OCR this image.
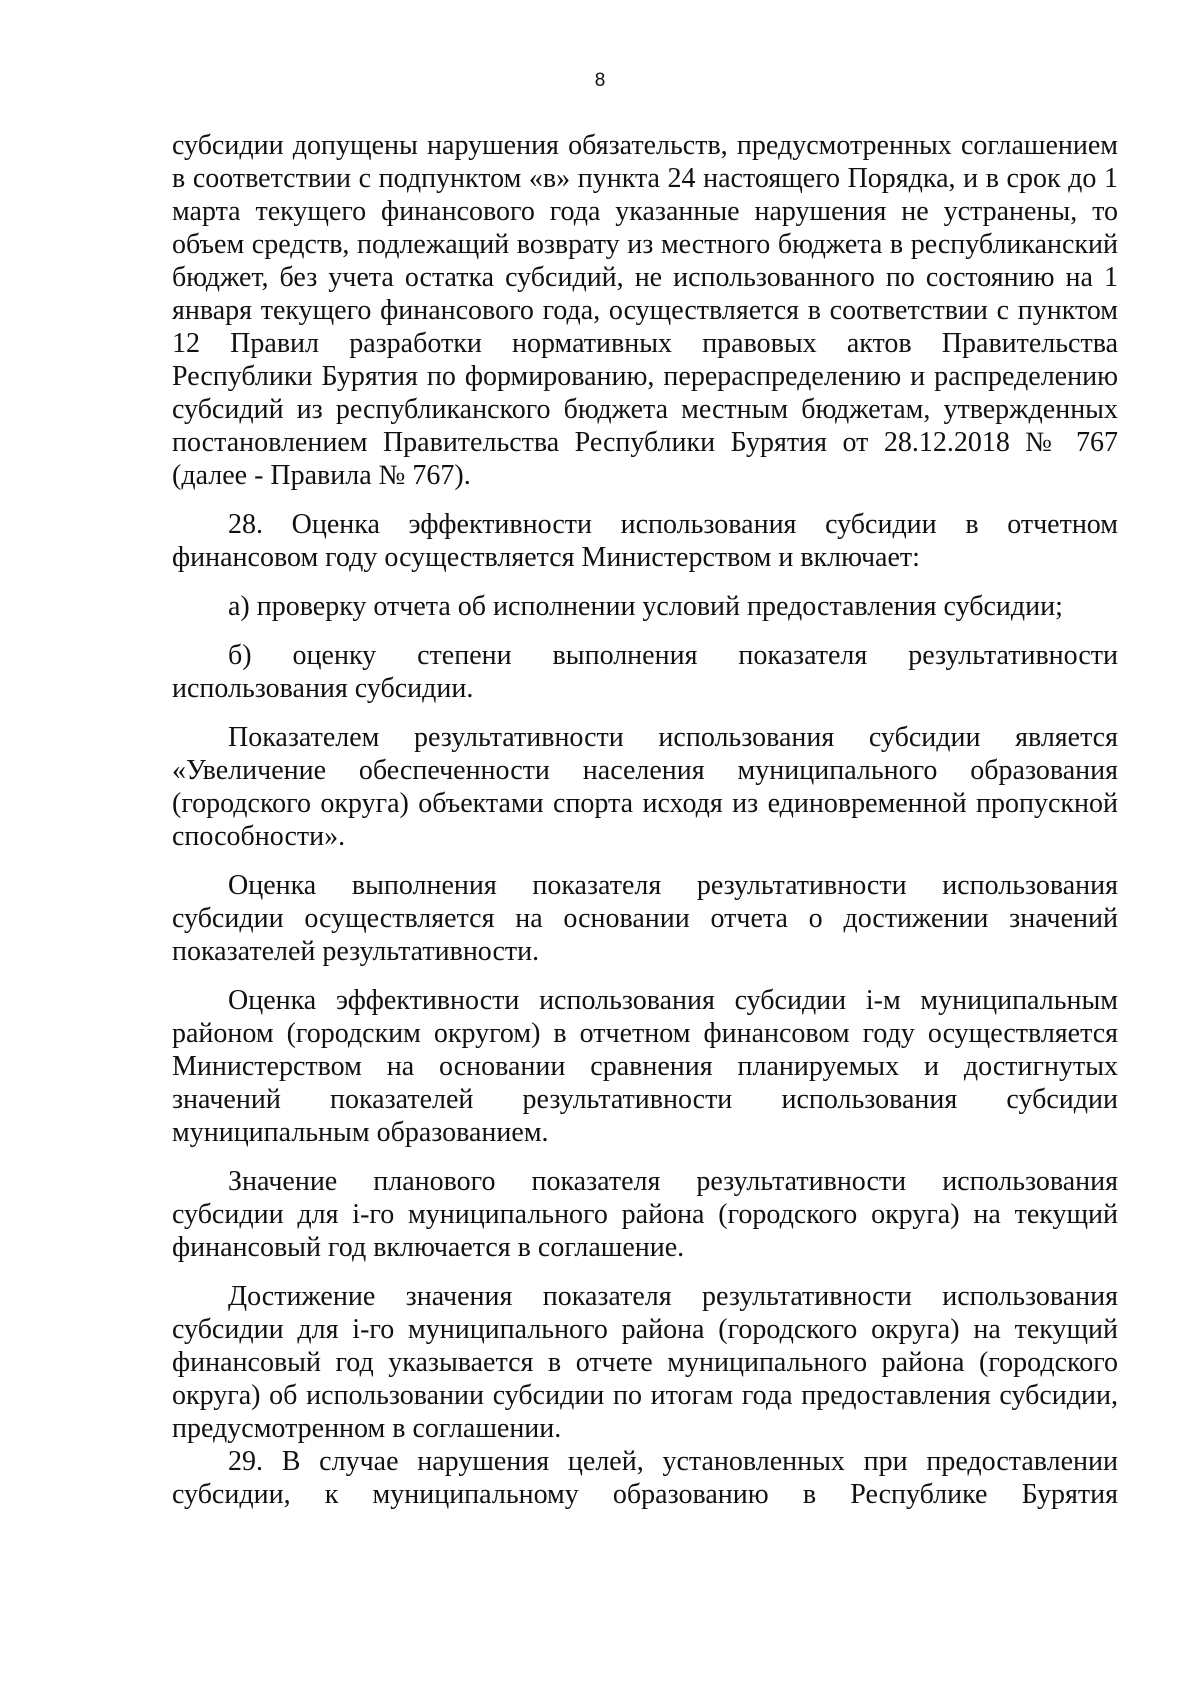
8

субсидии допущены нарушения обязательств, предусмотренных соглашением в соответствии с подпунктом «в» пункта 24 настоящего Порядка, и в срок до 1 марта текущего финансового года указанные нарушения не устранены, то объем средств, подлежащий возврату из местного бюджета в республиканский бюджет, без учета остатка субсидий, не использованного по состоянию на 1 января текущего финансового года, осуществляется в соответствии с пунктом 12 Правил разработки нормативных правовых актов Правительства Республики Бурятия по формированию, перераспределению и распределению субсидий из республиканского бюджета местным бюджетам, утвержденных постановлением Правительства Республики Бурятия от 28.12.2018 № 767 (далее - Правила № 767).

28. Оценка эффективности использования субсидии в отчетном финансовом году осуществляется Министерством и включает:

а) проверку отчета об исполнении условий предоставления субсидии;

б) оценку степени выполнения показателя результативности использования субсидии.

Показателем результативности использования субсидии является «Увеличение обеспеченности населения муниципального образования (городского округа) объектами спорта исходя из единовременной пропускной способности».

Оценка выполнения показателя результативности использования субсидии осуществляется на основании отчета о достижении значений показателей результативности.

Оценка эффективности использования субсидии i-м муниципальным районом (городским округом) в отчетном финансовом году осуществляется Министерством на основании сравнения планируемых и достигнутых значений показателей результативности использования субсидии муниципальным образованием.

Значение планового показателя результативности использования субсидии для i-го муниципального района (городского округа) на текущий финансовый год включается в соглашение.

Достижение значения показателя результативности использования субсидии для i-го муниципального района (городского округа) на текущий финансовый год указывается в отчете муниципального района (городского округа) об использовании субсидии по итогам года предоставления субсидии, предусмотренном в соглашении.

29. В случае нарушения целей, установленных при предоставлении субсидии, к муниципальному образованию в Республике Бурятия
